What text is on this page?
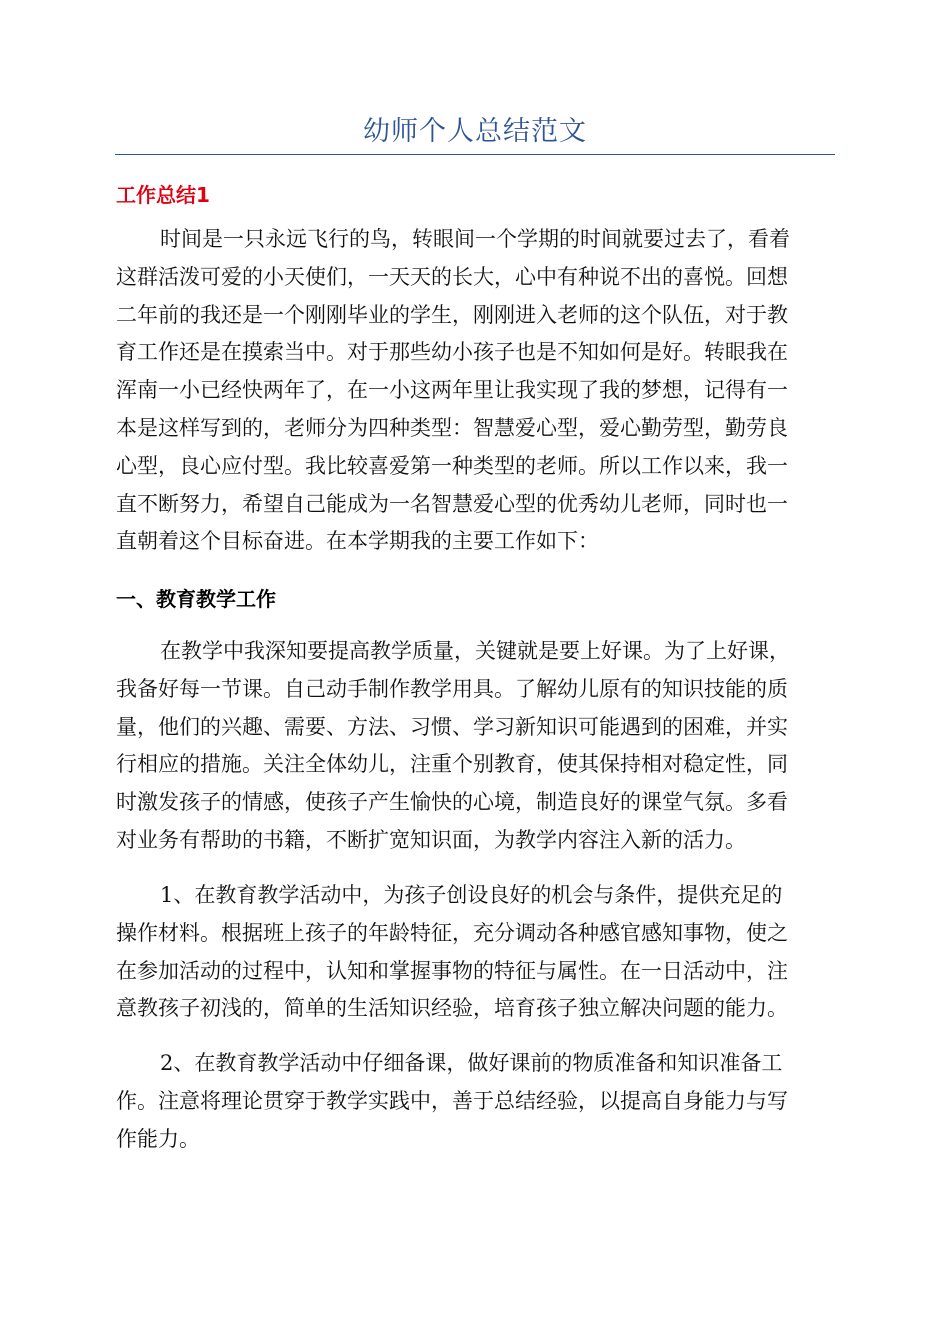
幼师个人总结范文
工作总结1
时间是一只永远飞行的鸟，转眼间一个学期的时间就要过去了，看着
这群活泼可爱的小天使们，一天天的长大，心中有种说不出的喜悦。回想
二年前的我还是一个刚刚毕业的学生，刚刚进入老师的这个队伍，对于教
育工作还是在摸索当中。对于那些幼小孩子也是不知如何是好。转眼我在
浑南一小已经快两年了，在一小这两年里让我实现了我的梦想，记得有一
本是这样写到的，老师分为四种类型：智慧爱心型，爱心勤劳型，勤劳良
心型，良心应付型。我比较喜爱第一种类型的老师。所以工作以来，我一
直不断努力，希望自己能成为一名智慧爱心型的优秀幼儿老师，同时也一
直朝着这个目标奋进。在本学期我的主要工作如下：
一、教育教学工作
在教学中我深知要提高教学质量，关键就是要上好课。为了上好课，
我备好每一节课。自己动手制作教学用具。了解幼儿原有的知识技能的质
量，他们的兴趣、需要、方法、习惯、学习新知识可能遇到的困难，并实
行相应的措施。关注全体幼儿，注重个别教育，使其保持相对稳定性，同
时激发孩子的情感，使孩子产生愉快的心境，制造良好的课堂气氛。多看
对业务有帮助的书籍，不断扩宽知识面，为教学内容注入新的活力。
1、在教育教学活动中，为孩子创设良好的机会与条件，提供充足的
操作材料。根据班上孩子的年龄特征，充分调动各种感官感知事物，使之
在参加活动的过程中，认知和掌握事物的特征与属性。在一日活动中，注
意教孩子初浅的，简单的生活知识经验，培育孩子独立解决问题的能力。
2、在教育教学活动中仔细备课，做好课前的物质准备和知识准备工
作。注意将理论贯穿于教学实践中，善于总结经验，以提高自身能力与写
作能力。
